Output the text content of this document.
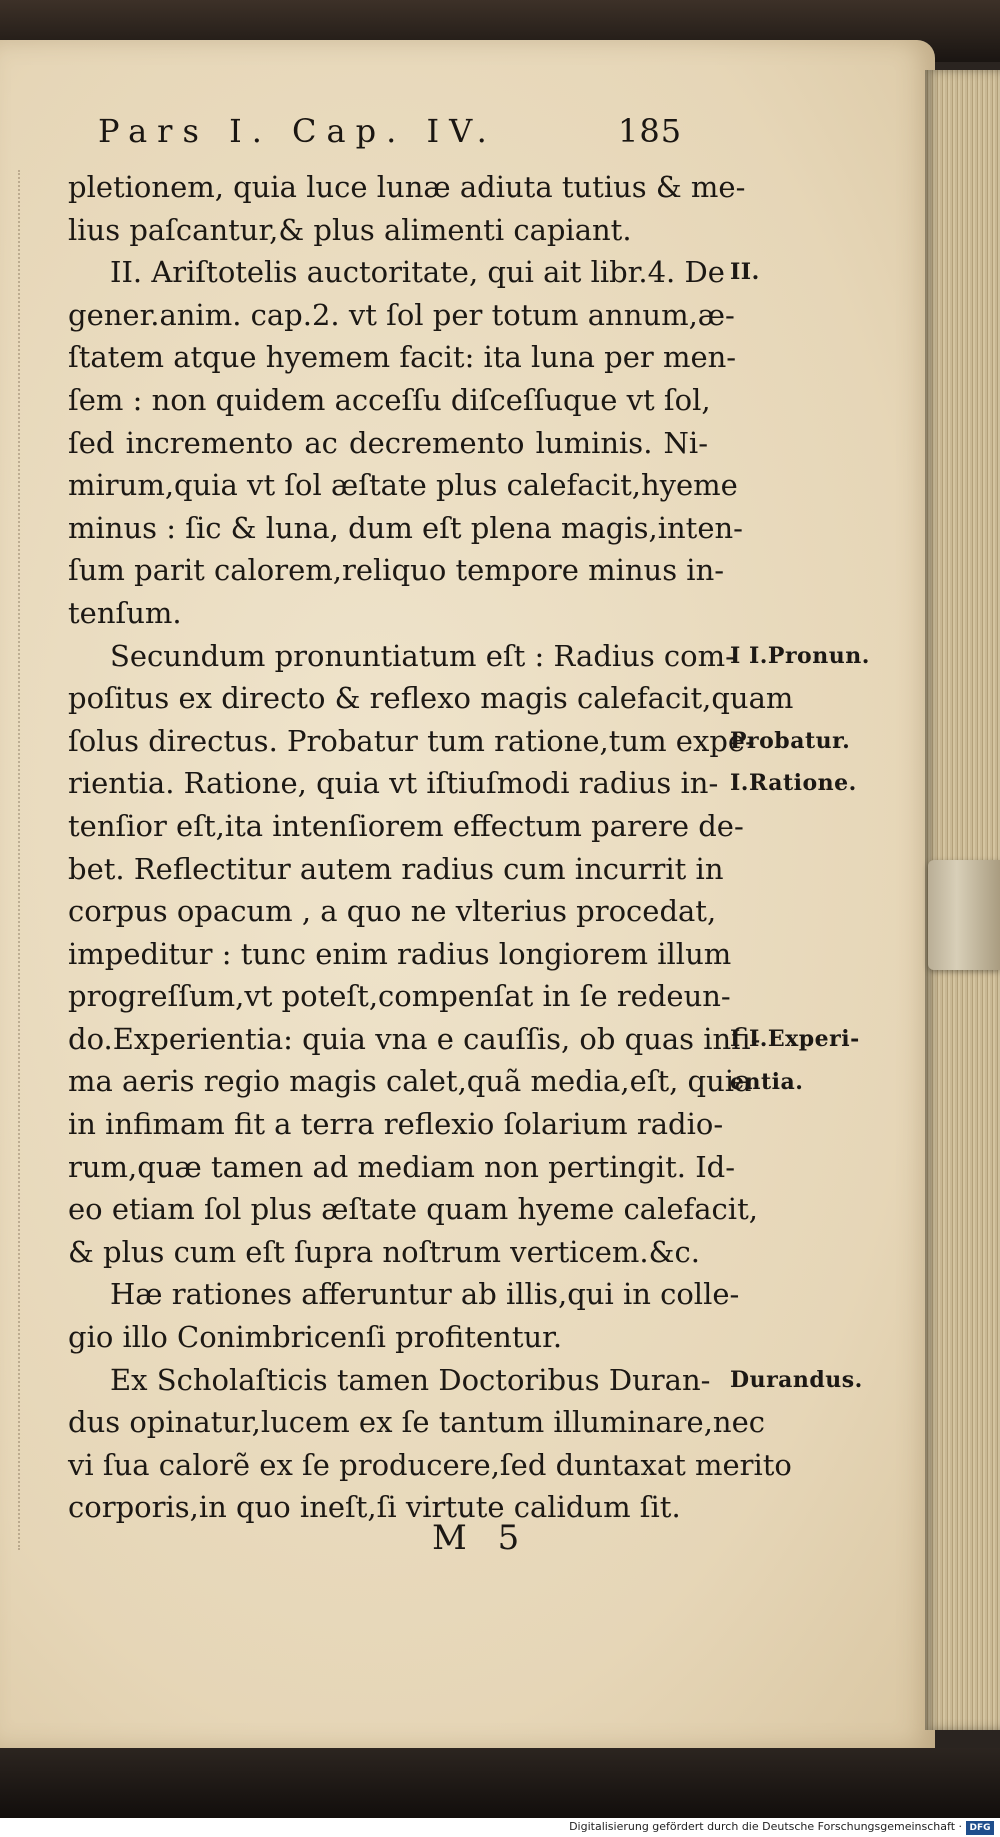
Pars I. Cap. IV.	185
pletionem, quia luce lunæ adiuta tutius & me-
lius paſcantur,& plus alimenti capiant.
II. Ariſtotelis auctoritate, qui ait libr.4. De
gener.anim. cap.2. vt ſol per totum annum,æ-
ſtatem atque hyemem facit: ita luna per men-
ſem : non quidem acceſſu diſceſſuque vt ſol,
ſed incremento ac decremento luminis. Ni-
mirum,quia vt ſol æſtate plus calefacit,hyeme
minus : ſic & luna, dum eſt plena magis,inten-
ſum parit calorem,reliquo tempore minus in-
tenſum.
Secundum pronuntiatum eſt : Radius com-
poſitus ex directo & reflexo magis calefacit,quam
ſolus directus. Probatur tum ratione,tum expe-
rientia. Ratione, quia vt iſtiuſmodi radius in-
tenſior eſt,ita intenſiorem effectum parere de-
bet. Reflectitur autem radius cum incurrit in
corpus opacum , a quo ne vlterius procedat,
impeditur : tunc enim radius longiorem illum
progreſſum,vt poteſt,compenſat in ſe redeun-
do.Experientia: quia vna e cauſſis, ob quas infi-
ma aeris regio magis calet,quã media,eſt, quia
in infimam fit a terra reflexio ſolarium radio-
rum,quæ tamen ad mediam non pertingit. Id-
eo etiam ſol plus æſtate quam hyeme calefacit,
& plus cum eſt ſupra noſtrum verticem.&c.
Hæ rationes afferuntur ab illis,qui in colle-
gio illo Conimbricenſi profitentur.
Ex Scholaſticis tamen Doctoribus Duran-
dus opinatur,lucem ex ſe tantum illuminare,nec
vi ſua calorẽ ex ſe producere,ſed duntaxat merito
corporis,in quo ineſt,ſi virtute calidum ſit.
II.
I I.Pronun.
Probatur.
I.Ratione.
I I.Experi-
entia.
Durandus.
M 5
Digitalisierung gefördert durch die Deutsche Forschungsgemeinschaft · DFG
